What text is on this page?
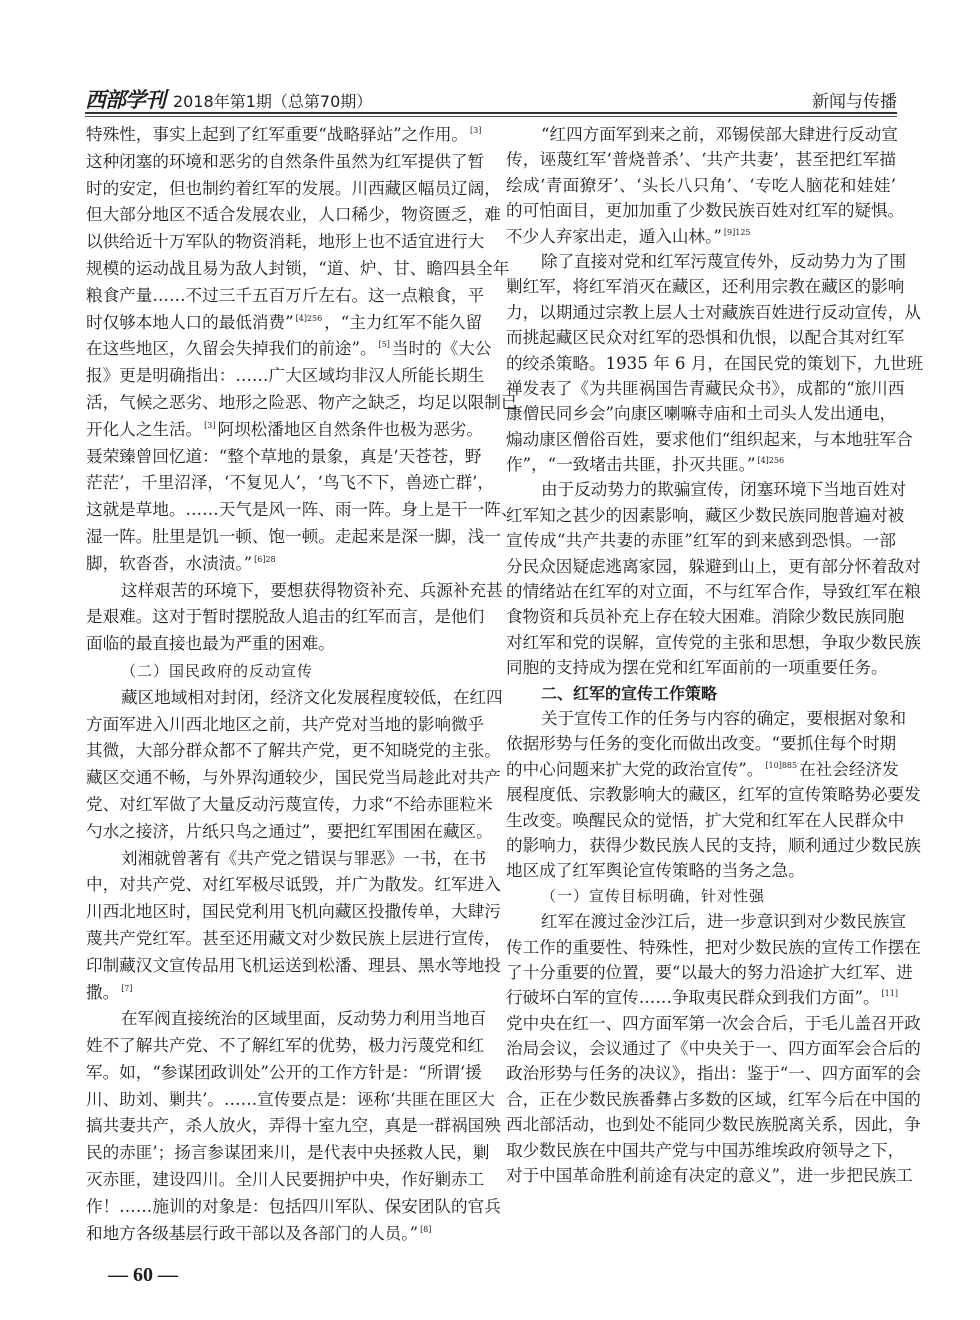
西部学刊 2018年第1期（总第70期）	新闻与传播
特殊性，事实上起到了红军重要“战略驿站”之作用。 [3]
这种闭塞的环境和恶劣的自然条件虽然为红军提供了暂
时的安定，但也制约着红军的发展。川西藏区幅员辽阔，
但大部分地区不适合发展农业，人口稀少，物资匮乏，难
以供给近十万军队的物资消耗，地形上也不适宜进行大
规模的运动战且易为敌人封锁，“道、炉、甘、瞻四县全年
粮食产量……不过三千五百万斤左右。这一点粮食，平
时仅够本地人口的最低消费” $^{[4]256}$ ，“主力红军不能久留
在这些地区，久留会失掉我们的前途”。 [5] 当时的《大公
报》更是明确指出：……广大区域均非汉人所能长期生
活，气候之恶劣、地形之险恶、物产之缺乏，均足以限制已
开化人之生活。 [3] 阿坝松潘地区自然条件也极为恶劣。
聂荣臻曾回忆道：“整个草地的景象，真是‘天苍苍，野
茫茫’，千里沼泽，‘不复见人’，‘鸟飞不下，兽迹亡群’，
这就是草地。……天气是风一阵、雨一阵。身上是干一阵、
湿一阵。肚里是饥一顿、饱一顿。走起来是深一脚，浅一
脚，软沓沓，水渍渍。” $^{[6]28}$
这样艰苦的环境下，要想获得物资补充、兵源补充甚
是艰难。这对于暂时摆脱敌人追击的红军而言，是他们
面临的最直接也最为严重的困难。
（二）国民政府的反动宣传
藏区地域相对封闭，经济文化发展程度较低，在红四
方面军进入川西北地区之前，共产党对当地的影响微乎
其微，大部分群众都不了解共产党，更不知晓党的主张。
藏区交通不畅，与外界沟通较少，国民党当局趁此对共产
党、对红军做了大量反动污蔑宣传，力求“不给赤匪粒米
勺水之接济，片纸只鸟之通过”，要把红军围困在藏区。
刘湘就曾著有《共产党之错误与罪恶》一书，在书
中，对共产党、对红军极尽诋毁，并广为散发。红军进入
川西北地区时，国民党利用飞机向藏区投撒传单，大肆污
蔑共产党红军。甚至还用藏文对少数民族上层进行宣传，
印制藏汉文宣传品用飞机运送到松潘、理县、黑水等地投
撒。 [7]
在军阀直接统治的区域里面，反动势力利用当地百
姓不了解共产党、不了解红军的优势，极力污蔑党和红
军。如，“参谋团政训处”公开的工作方针是：“所谓‘援
川、助刘、剿共’。……宣传要点是：诬称‘共匪在匪区大
搞共妻共产，杀人放火，弄得十室九空，真是一群祸国殃
民的赤匪’；扬言参谋团来川，是代表中央拯救人民，剿
灭赤匪，建设四川。全川人民要拥护中央，作好剿赤工
作！……施训的对象是：包括四川军队、保安团队的官兵
和地方各级基层行政干部以及各部门的人员。” [8]
“红四方面军到来之前，邓锡侯部大肆进行反动宣
传，诬蔑红军‘普烧普杀’、‘共产共妻’，甚至把红军描
绘成‘青面獠牙’、‘头长八只角’、‘专吃人脑花和娃娃’
的可怕面目，更加加重了少数民族百姓对红军的疑惧。
不少人弃家出走，遁入山林。” $^{[9]125}$
除了直接对党和红军污蔑宣传外，反动势力为了围
剿红军，将红军消灭在藏区，还利用宗教在藏区的影响
力，以期通过宗教上层人士对藏族百姓进行反动宣传，从
而挑起藏区民众对红军的恐惧和仇恨，以配合其对红军
的绞杀策略。1935 年 6 月，在国民党的策划下，九世班
禅发表了《为共匪祸国告青藏民众书》，成都的“旅川西
康僧民同乡会”向康区喇嘛寺庙和土司头人发出通电，
煽动康区僧俗百姓，要求他们“组织起来，与本地驻军合
作”，“一致堵击共匪，扑灭共匪。” $^{[4]256}$
由于反动势力的欺骗宣传，闭塞环境下当地百姓对
红军知之甚少的因素影响，藏区少数民族同胞普遍对被
宣传成“共产共妻的赤匪”红军的到来感到恐惧。一部
分民众因疑虑逃离家园，躲避到山上，更有部分怀着敌对
的情绪站在红军的对立面，不与红军合作，导致红军在粮
食物资和兵员补充上存在较大困难。消除少数民族同胞
对红军和党的误解，宣传党的主张和思想，争取少数民族
同胞的支持成为摆在党和红军面前的一项重要任务。
二、红军的宣传工作策略
关于宣传工作的任务与内容的确定，要根据对象和
依据形势与任务的变化而做出改变。“要抓住每个时期
的中心问题来扩大党的政治宣传”。 $^{[10]885}$ 在社会经济发
展程度低、宗教影响大的藏区，红军的宣传策略势必要发
生改变。唤醒民众的觉悟，扩大党和红军在人民群众中
的影响力，获得少数民族人民的支持，顺利通过少数民族
地区成了红军舆论宣传策略的当务之急。
（一）宣传目标明确，针对性强
红军在渡过金沙江后，进一步意识到对少数民族宣
传工作的重要性、特殊性，把对少数民族的宣传工作摆在
了十分重要的位置，要“以最大的努力沿途扩大红军、进
行破坏白军的宣传……争取夷民群众到我们方面”。 [11]
党中央在红一、四方面军第一次会合后，于毛儿盖召开政
治局会议，会议通过了《中央关于一、四方面军会合后的
政治形势与任务的决议》，指出：鉴于“一、四方面军的会
合，正在少数民族番彝占多数的区域，红军今后在中国的
西北部活动，也到处不能同少数民族脱离关系，因此，争
取少数民族在中国共产党与中国苏维埃政府领导之下，
对于中国革命胜利前途有决定的意义”，进一步把民族工
— 60 —
